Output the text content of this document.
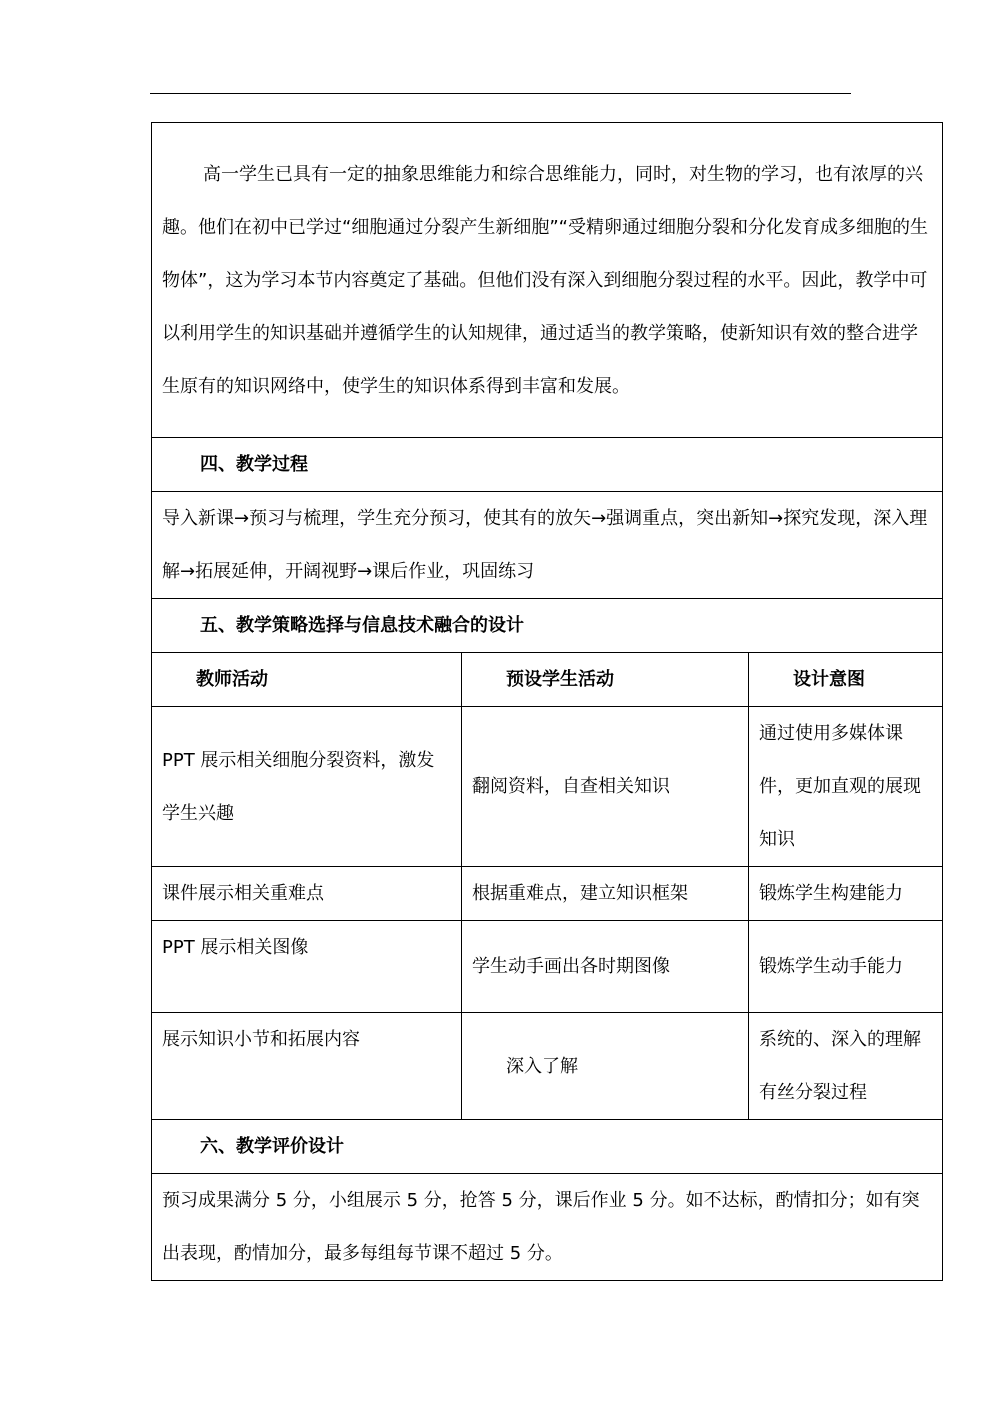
高一学生已具有一定的抽象思维能力和综合思维能力，同时，对生物的学习，也有浓厚的兴趣。他们在初中已学过“细胞通过分裂产生新细胞”“受精卵通过细胞分裂和分化发育成多细胞的生物体”，这为学习本节内容奠定了基础。但他们没有深入到细胞分裂过程的水平。因此，教学中可以利用学生的知识基础并遵循学生的认知规律，通过适当的教学策略，使新知识有效的整合进学生原有的知识网络中，使学生的知识体系得到丰富和发展。		
四、教学过程		
导入新课→预习与梳理，学生充分预习，使其有的放矢→强调重点，突出新知→探究发现，深入理解→拓展延伸，开阔视野→课后作业，巩固练习		
五、教学策略选择与信息技术融合的设计		
教师活动	预设学生活动	设计意图
PPT 展示相关细胞分裂资料，激发学生兴趣	翻阅资料，自查相关知识	通过使用多媒体课件，更加直观的展现知识
课件展示相关重难点	根据重难点，建立知识框架	锻炼学生构建能力
PPT 展示相关图像	学生动手画出各时期图像	锻炼学生动手能力
展示知识小节和拓展内容	深入了解	系统的、深入的理解有丝分裂过程
六、教学评价设计		
预习成果满分 5 分，小组展示 5 分，抢答 5 分，课后作业 5 分。如不达标，酌情扣分；如有突出表现，酌情加分，最多每组每节课不超过 5 分。		
